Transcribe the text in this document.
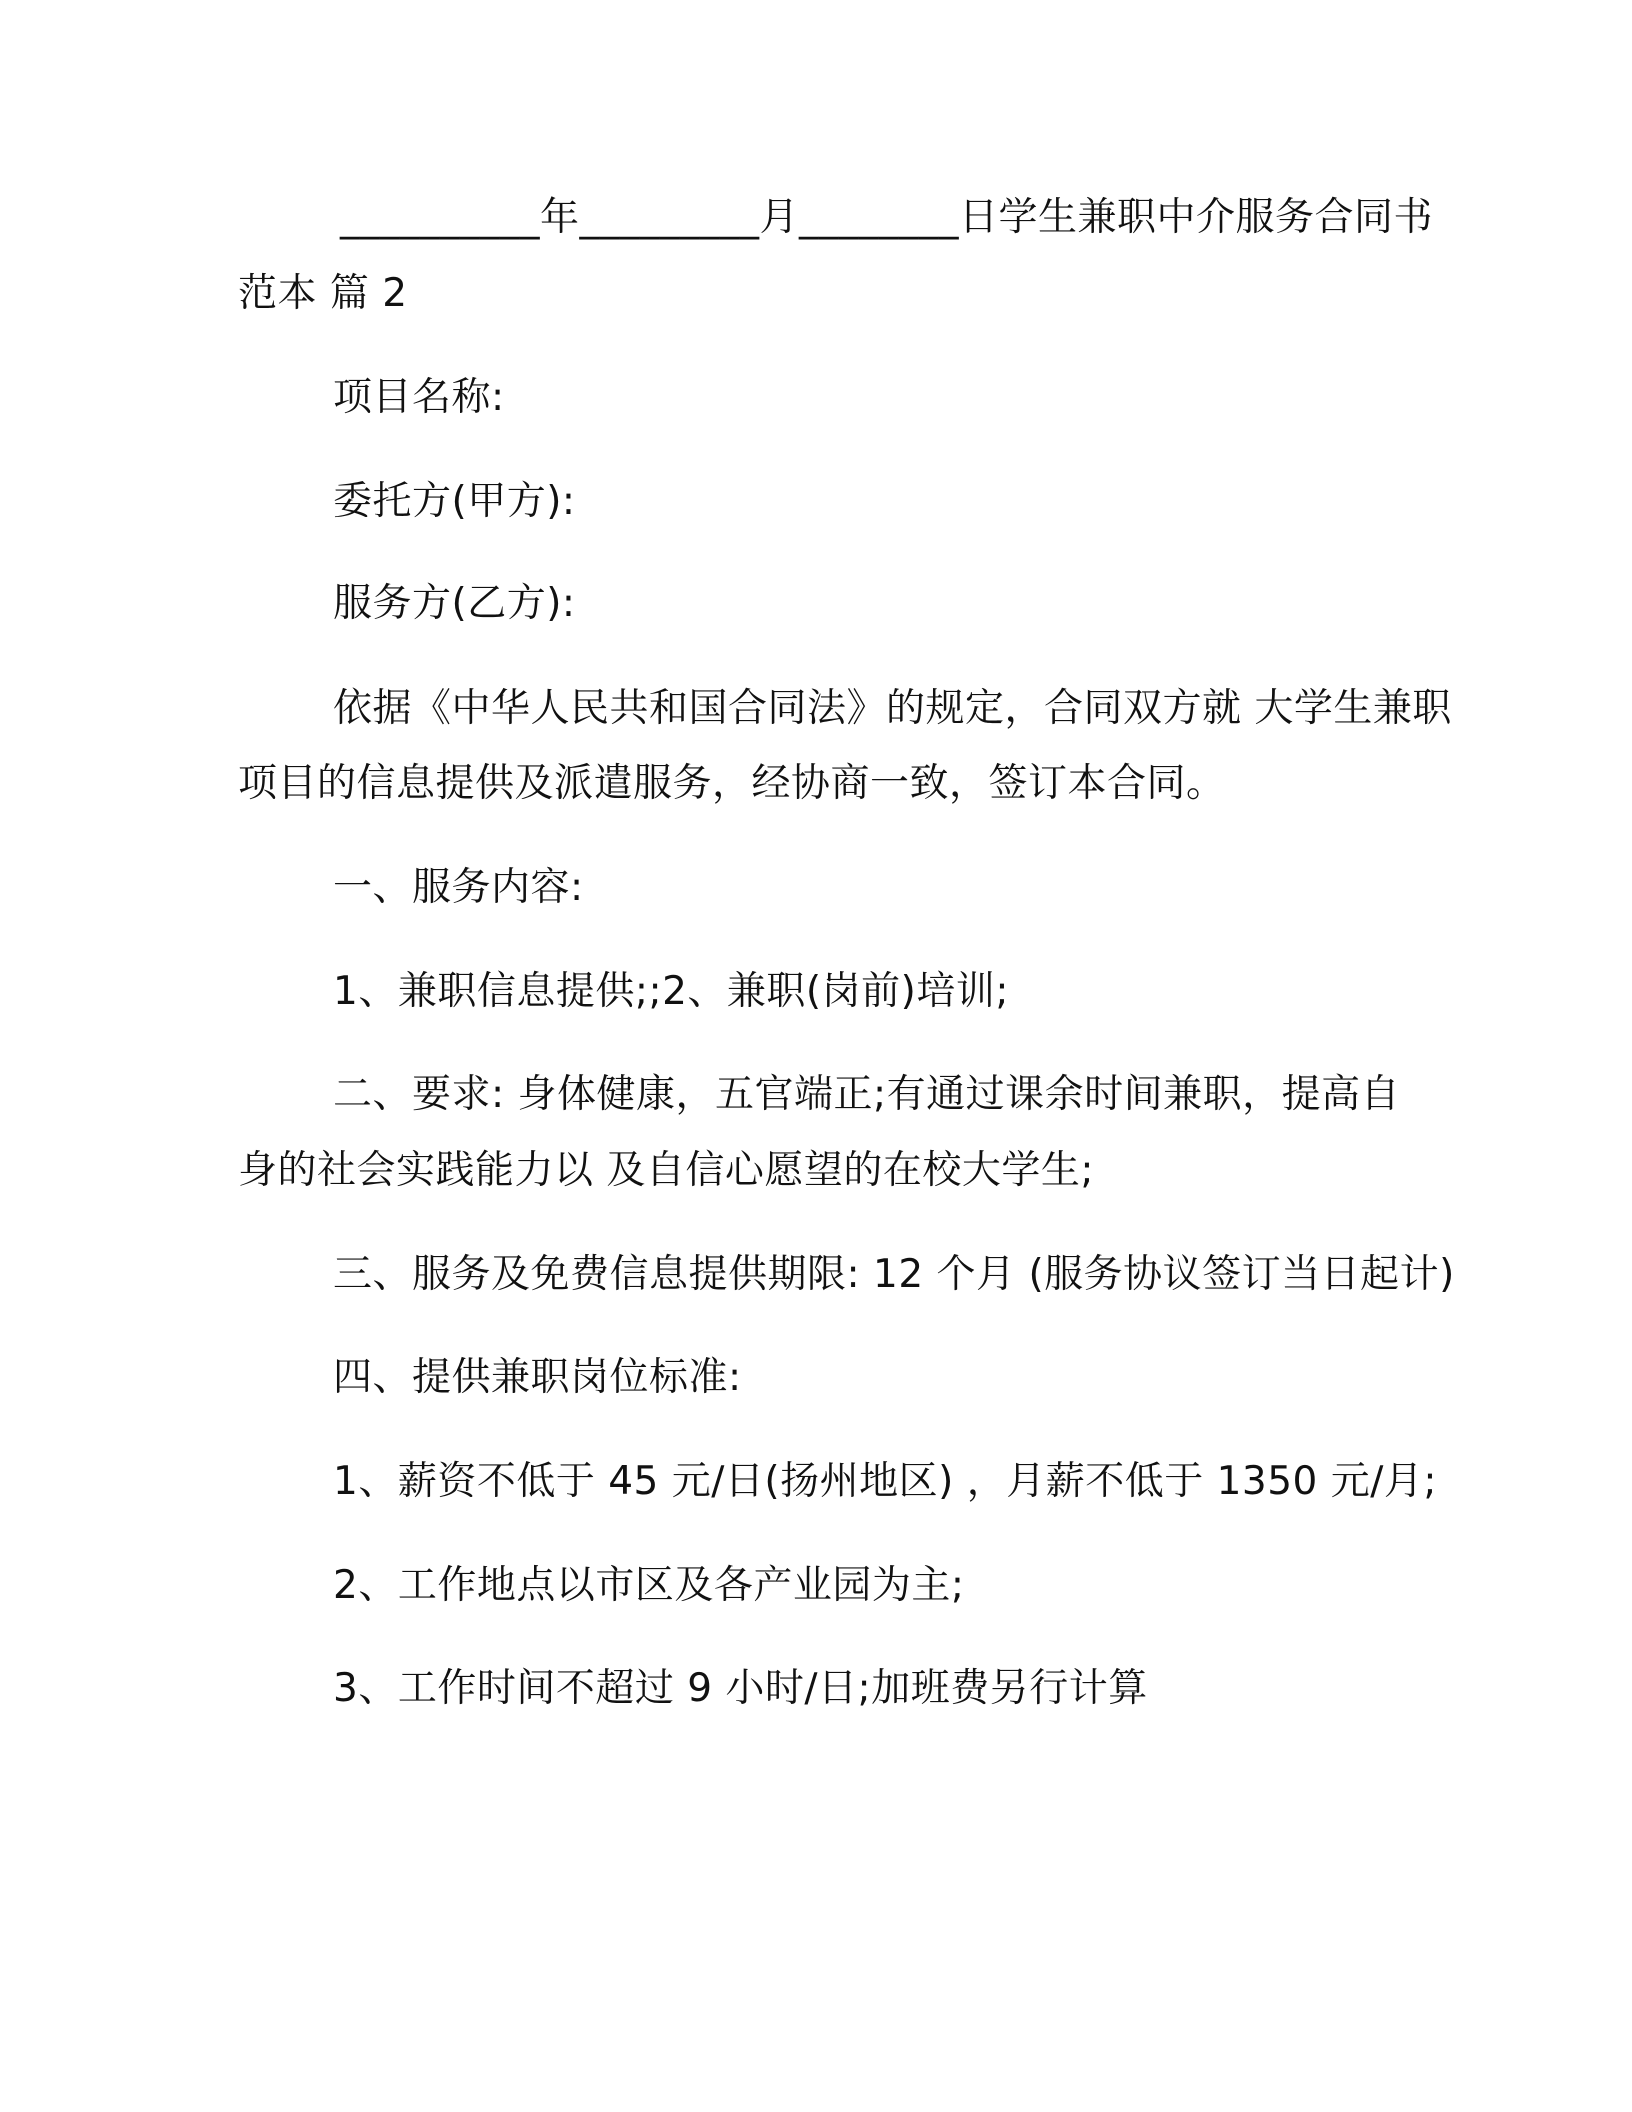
__________年_________月________日学生兼职中介服务合同书
范本 篇 2
项目名称:
委托方(甲方):
服务方(乙方):
依据《中华人民共和国合同法》的规定，合同双方就 大学生兼职
项目的信息提供及派遣服务，经协商一致，签订本合同。
一、服务内容:
1、兼职信息提供;;2、兼职(岗前)培训;
二、要求: 身体健康，五官端正;有通过课余时间兼职，提高自
身的社会实践能力以 及自信心愿望的在校大学生;
三、服务及免费信息提供期限: 12 个月 (服务协议签订当日起计)
四、提供兼职岗位标准:
1、薪资不低于 45 元/日(扬州地区) ，月薪不低于 1350 元/月;
2、工作地点以市区及各产业园为主;
3、工作时间不超过 9 小时/日;加班费另行计算
